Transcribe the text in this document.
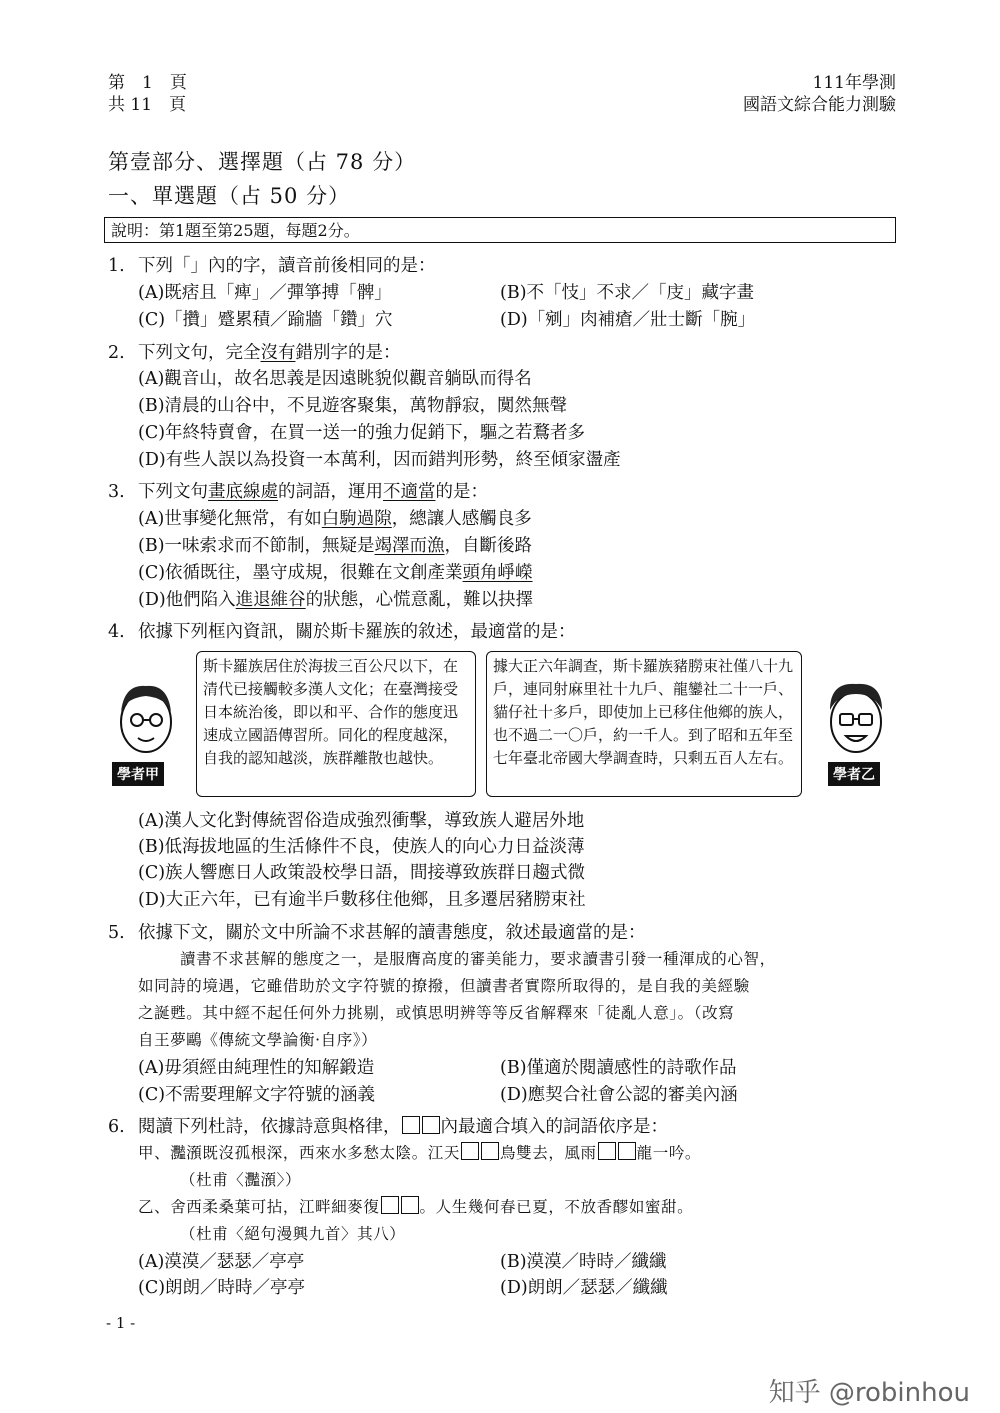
第　1　頁
共 11　頁
111年學測
國語文綜合能力測驗
第壹部分、選擇題（占 78 分）
一、單選題（占 50 分）
說明：第1題至第25題，每題2分。
1. 下列「」內的字，讀音前後相同的是：
(A)既痞且「痺」／彈箏搏「髀」	(B)不「忮」不求／「庋」藏字畫
(C)「攢」蹙累積／踰牆「鑽」穴	(D)「剜」肉補瘡／壯士斷「腕」
2. 下列文句，完全沒有錯別字的是：
(A)觀音山，故名思義是因遠眺貌似觀音躺臥而得名
(B)清晨的山谷中，不見遊客聚集，萬物靜寂，闃然無聲
(C)年終特賣會，在買一送一的強力促銷下，驅之若鶩者多
(D)有些人誤以為投資一本萬利，因而錯判形勢，終至傾家盪產
3. 下列文句畫底線處的詞語，運用不適當的是：
(A)世事變化無常，有如白駒過隙，總讓人感觸良多
(B)一味索求而不節制，無疑是竭澤而漁，自斷後路
(C)依循既往，墨守成規，很難在文創產業頭角崢嶸
(D)他們陷入進退維谷的狀態，心慌意亂，難以抉擇
4. 依據下列框內資訊，關於斯卡羅族的敘述，最適當的是：
學者甲
斯卡羅族居住於海拔三百公尺以下，在清代已接觸較多漢人文化；在臺灣接受日本統治後，即以和平、合作的態度迅速成立國語傳習所。同化的程度越深，自我的認知越淡，族群離散也越快。
據大正六年調查，斯卡羅族豬朥束社僅八十九戶，連同射麻里社十九戶、龍鑾社二十一戶、貓仔社十多戶，即使加上已移住他鄉的族人，也不過二一〇戶，約一千人。到了昭和五年至七年臺北帝國大學調查時，只剩五百人左右。
學者乙
(A)漢人文化對傳統習俗造成強烈衝擊，導致族人避居外地
(B)低海拔地區的生活條件不良，使族人的向心力日益淡薄
(C)族人響應日人政策設校學日語，間接導致族群日趨式微
(D)大正六年，已有逾半戶數移住他鄉，且多遷居豬朥束社
5. 依據下文，關於文中所論不求甚解的讀書態度，敘述最適當的是：
讀書不求甚解的態度之一，是服膺高度的審美能力，要求讀書引發一種渾成的心智，
如同詩的境遇，它雖借助於文字符號的撩撥，但讀書者實際所取得的，是自我的美經驗
之誕甦。其中經不起任何外力挑剔，或慎思明辨等等反省解釋來「徒亂人意」。（改寫
自王夢鷗《傳統文學論衡·自序》）
(A)毋須經由純理性的知解鍛造	(B)僅適於閱讀感性的詩歌作品
(C)不需要理解文字符號的涵義	(D)應契合社會公認的審美內涵
6. 閱讀下列杜詩，依據詩意與格律， 內最適合填入的詞語依序是：
甲、灩澦既沒孤根深，西來水多愁太陰。江天	鳥雙去，風雨	龍一吟。
（杜甫〈灩澦〉）
乙、舍西柔桑葉可拈，江畔細麥復	。人生幾何春已夏，不放香醪如蜜甜。
（杜甫〈絕句漫興九首〉其八）
(A)漠漠／瑟瑟／亭亭	(B)漠漠／時時／纖纖
(C)朗朗／時時／亭亭	(D)朗朗／瑟瑟／纖纖
- 1 -
知乎 @robinhou
